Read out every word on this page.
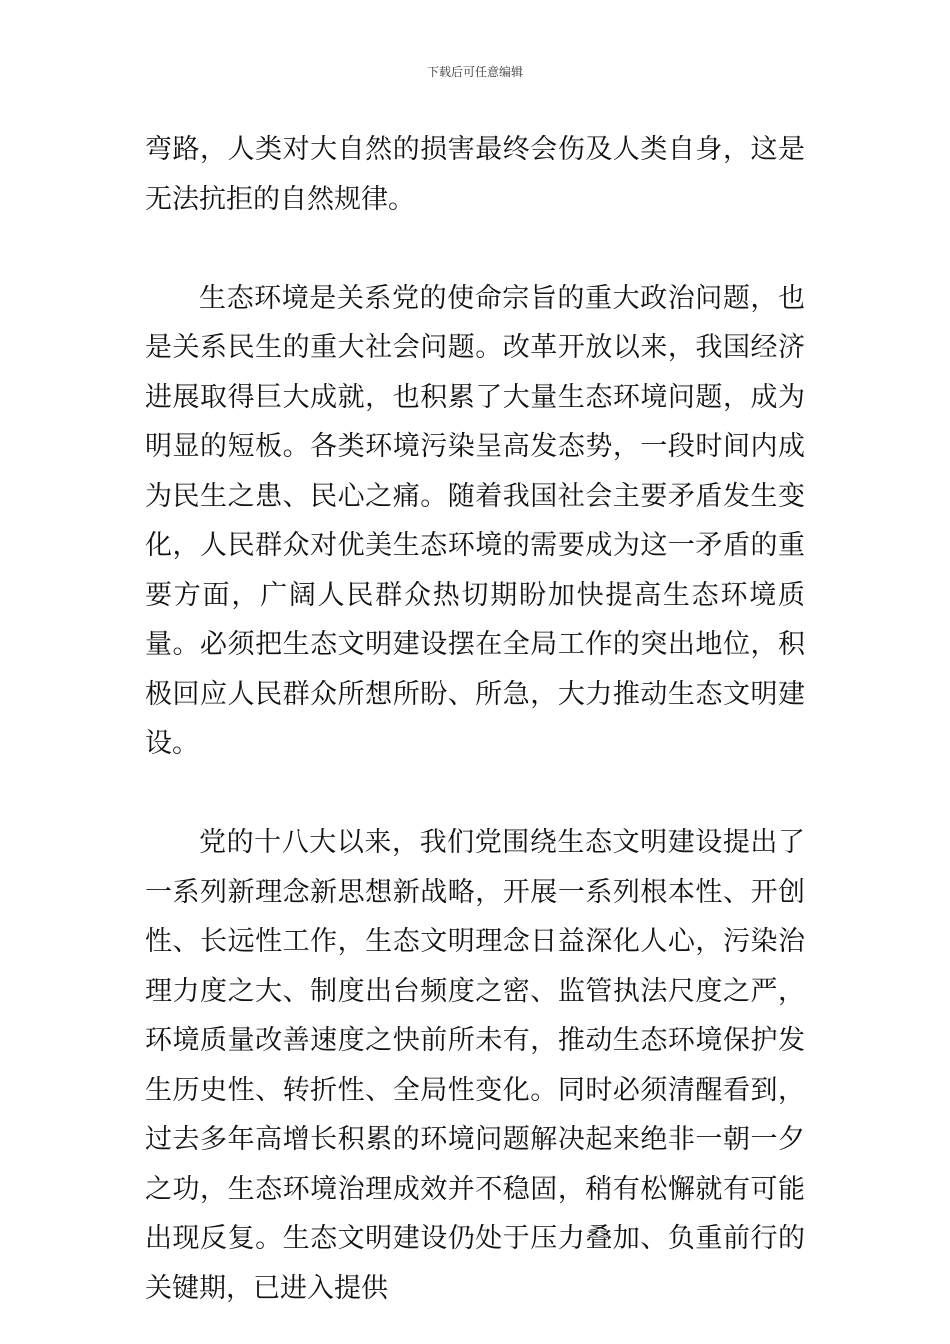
下载后可任意编辑

弯路，人类对大自然的损害最终会伤及人类自身，这是无法抗拒的自然规律。

生态环境是关系党的使命宗旨的重大政治问题，也是关系民生的重大社会问题。改革开放以来，我国经济进展取得巨大成就，也积累了大量生态环境问题，成为明显的短板。各类环境污染呈高发态势，一段时间内成为民生之患、民心之痛。随着我国社会主要矛盾发生变化，人民群众对优美生态环境的需要成为这一矛盾的重要方面，广阔人民群众热切期盼加快提高生态环境质量。必须把生态文明建设摆在全局工作的突出地位，积极回应人民群众所想所盼、所急，大力推动生态文明建设。

党的十八大以来，我们党围绕生态文明建设提出了一系列新理念新思想新战略，开展一系列根本性、开创性、长远性工作，生态文明理念日益深化人心，污染治理力度之大、制度出台频度之密、监管执法尺度之严，环境质量改善速度之快前所未有，推动生态环境保护发生历史性、转折性、全局性变化。同时必须清醒看到，过去多年高增长积累的环境问题解决起来绝非一朝一夕之功，生态环境治理成效并不稳固，稍有松懈就有可能出现反复。生态文明建设仍处于压力叠加、负重前行的关键期，已进入提供
